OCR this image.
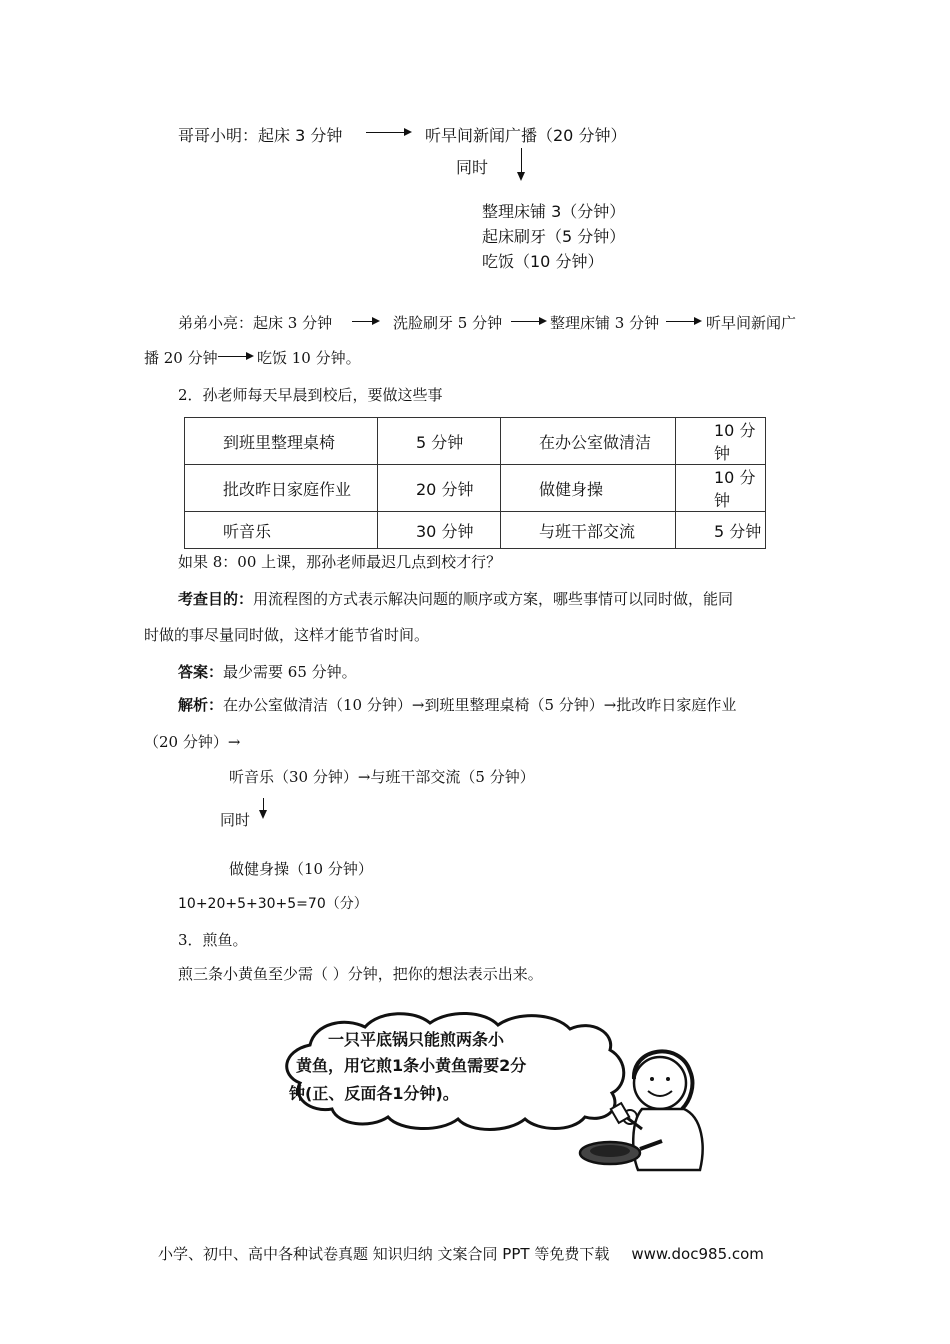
哥哥小明：起床 3 分钟	听早间新闻广播（20 分钟）
同时
整理床铺 3（分钟）
起床刷牙（5 分钟）
吃饭（10 分钟）
弟弟小亮：起床 3 分钟	洗脸刷牙 5 分钟	整理床铺 3 分钟	听早间新闻广
播 20 分钟	吃饭 10 分钟。
2．孙老师每天早晨到校后，要做这些事
到班里整理桌椅	5 分钟	在办公室做清洁	10 分钟
批改昨日家庭作业	20 分钟	做健身操	10 分钟
听音乐	30 分钟	与班干部交流	5 分钟
如果 8：00 上课，那孙老师最迟几点到校才行？
考查目的：用流程图的方式表示解决问题的顺序或方案，哪些事情可以同时做，能同
时做的事尽量同时做，这样才能节省时间。
答案：最少需要 65 分钟。
解析：在办公室做清洁（10 分钟）→到班里整理桌椅（5 分钟）→批改昨日家庭作业
（20 分钟）→
听音乐（30 分钟）→与班干部交流（5 分钟）
同时
做健身操（10 分钟）
10+20+5+30+5=70（分）
3．煎鱼。
煎三条小黄鱼至少需（ ）分钟，把你的想法表示出来。
一只平底锅只能煎两条小
黄鱼，用它煎1条小黄鱼需要2分
钟(正、反面各1分钟)。
小学、初中、高中各种试卷真题 知识归纳 文案合同 PPT 等免费下载 www.doc985.com
